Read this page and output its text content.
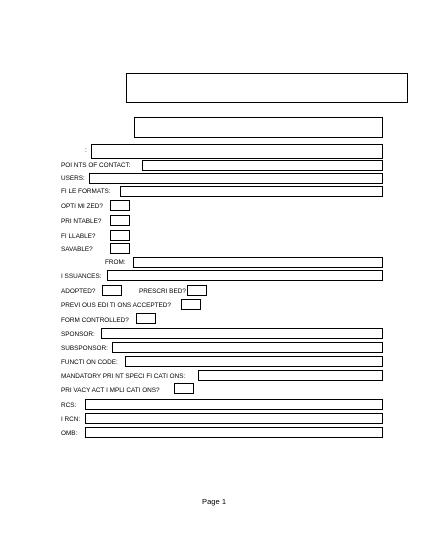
:
POI NTS OF CONTACT:
USERS:
FI LE FORMATS:
OPTI MI ZED?
PRI NTABLE?
FI LLABLE?
SAVABLE?
FROM:
I SSUANCES:
ADOPTED?	PRESCRI BED?
PREVI OUS EDI TI ONS ACCEPTED?
FORM CONTROLLED?
SPONSOR:
SUBSPONSOR:
FUNCTI ON CODE:
MANDATORY PRI NT SPECI FI CATI ONS:
PRI VACY ACT I MPLI CATI ONS?
RCS:
I RCN:
OMB:
Page 1
